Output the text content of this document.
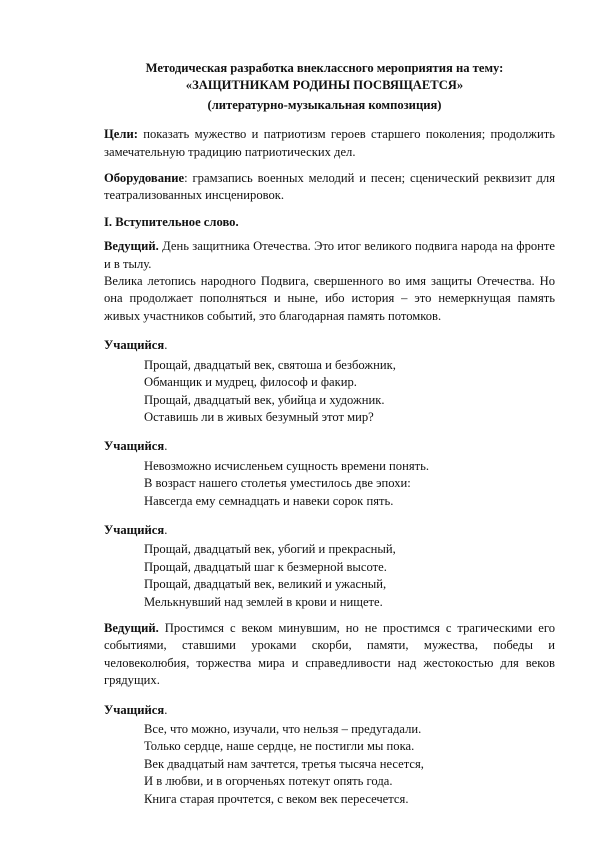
Методическая разработка внеклассного мероприятия на тему:
«ЗАЩИТНИКАМ РОДИНЫ ПОСВЯЩАЕТСЯ»
(литературно-музыкальная композиция)

Цели: показать мужество и патриотизм героев старшего поколения; продолжить замечательную традицию патриотических дел.

Оборудование: грамзапись военных мелодий и песен; сценический реквизит для театрализованных инсценировок.

I. Вступительное слово.

Ведущий. День защитника Отечества. Это итог великого подвига народа на фронте и в тылу.

Велика летопись народного Подвига, свершенного во имя защиты Отечества. Но она продолжает пополняться и ныне, ибо история – это немеркнущая память живых участников событий, это благодарная память потомков.

Учащийся.

Прощай, двадцатый век, святоша и безбожник,
Обманщик и мудрец, философ и факир.
Прощай, двадцатый век, убийца и художник.
Оставишь ли в живых безумный этот мир?

Учащийся.

Невозможно исчисленьем сущность времени понять.
В возраст нашего столетья уместилось две эпохи:
Навсегда ему семнадцать и навеки сорок пять.

Учащийся.

Прощай, двадцатый век, убогий и прекрасный,
Прощай, двадцатый шаг к безмерной высоте.
Прощай, двадцатый век, великий и ужасный,
Мелькнувший над землей в крови и нищете.

Ведущий. Простимся с веком минувшим, но не простимся с трагическими его событиями, ставшими уроками скорби, памяти, мужества, победы и человеколюбия, торжества мира и справедливости над жестокостью для веков грядущих.

Учащийся.

Все, что можно, изучали, что нельзя – предугадали.
Только сердце, наше сердце, не постигли мы пока.
Век двадцатый нам зачтется, третья тысяча несется,
И в любви, и в огорченьях потекут опять года.
Книга старая прочтется, с веком век пересечется.
